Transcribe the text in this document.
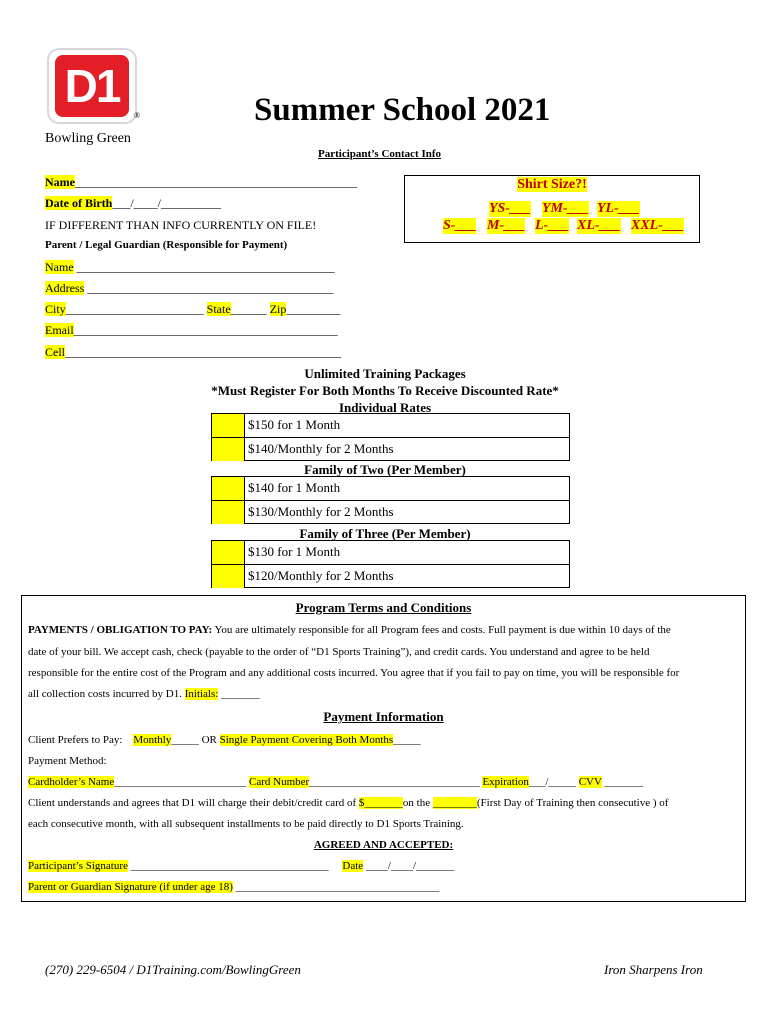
D1
®	Summer School 2021
Bowling Green
Participant’s Contact Info
Name_______________________________________________
Date of Birth___/____/__________
IF DIFFERENT THAN INFO CURRENTLY ON FILE!
Parent / Legal Guardian (Responsible for Payment)
Name ___________________________________________
Address _________________________________________
City_______________________ State______ Zip_________
Email____________________________________________
Cell______________________________________________
Shirt Size?!
YS-___ YM-___ YL-___
S-___ M-___ L-___ XL-___ XXL-___
Unlimited Training Packages
*Must Register For Both Months To Receive Discounted Rate*
Individual Rates
$150 for 1 Month
$140/Monthly for 2 Months
Family of Two (Per Member)
$140 for 1 Month
$130/Monthly for 2 Months
Family of Three (Per Member)
$130 for 1 Month
$120/Monthly for 2 Months
Program Terms and Conditions
PAYMENTS / OBLIGATION TO PAY: You are ultimately responsible for all Program fees and costs. Full payment is due within 10 days of the
date of your bill. We accept cash, check (payable to the order of “D1 Sports Training”), and credit cards. You understand and agree to be held
responsible for the entire cost of the Program and any additional costs incurred. You agree that if you fail to pay on time, you will be responsible for
all collection costs incurred by D1. Initials: _______
Payment Information
Client Prefers to Pay: Monthly_____ OR Single Payment Covering Both Months_____
Payment Method:
Cardholder’s Name________________________ Card Number_______________________________ Expiration___/_____ CVV _______
Client understands and agrees that D1 will charge their debit/credit card of $_______on the ________(First Day of Training then consecutive ) of
each consecutive month, with all subsequent installments to be paid directly to D1 Sports Training.
AGREED AND ACCEPTED:
Participant’s Signature ____________________________________ Date ____/____/_______
Parent or Guardian Signature (if under age 18) _____________________________________
(270) 229-6504 / D1Training.com/BowlingGreen	Iron Sharpens Iron
